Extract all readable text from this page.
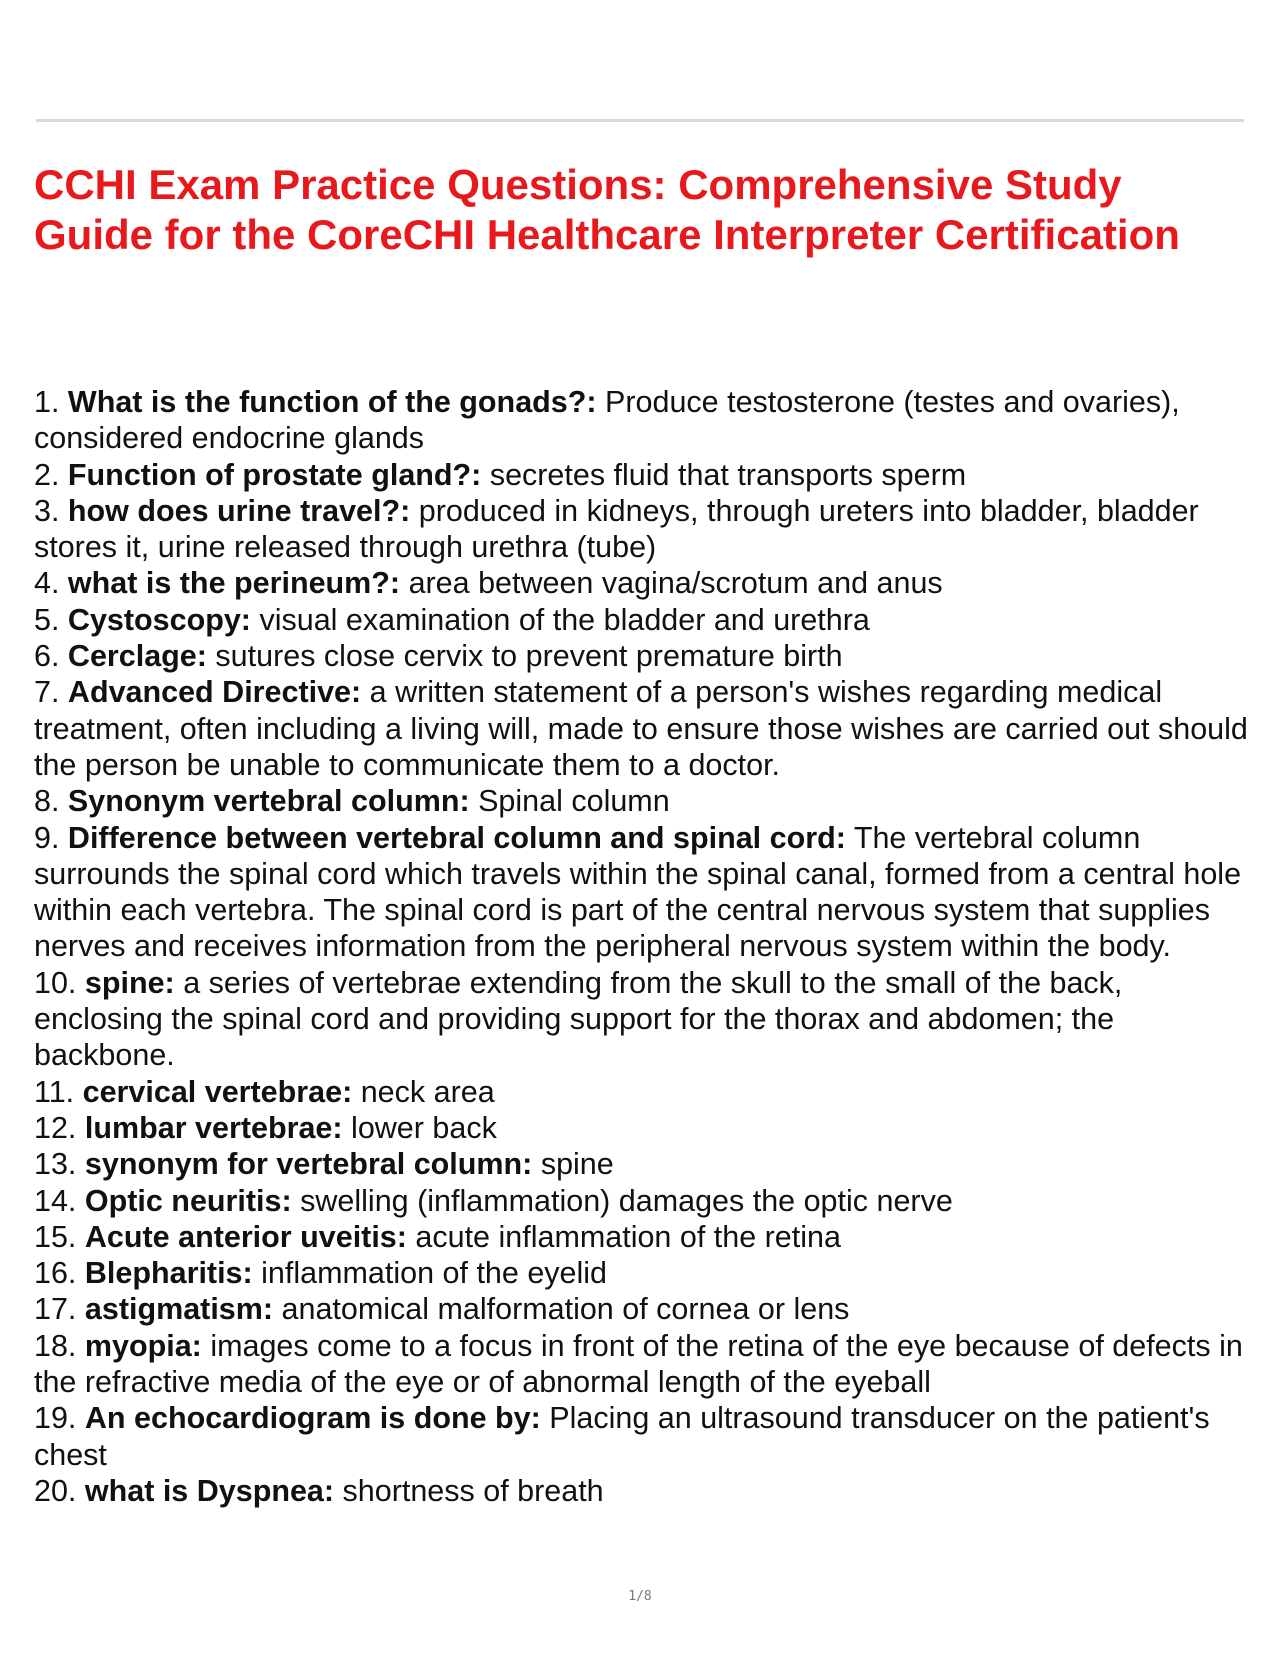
CCHI Exam Practice Questions: Comprehensive Study Guide for the CoreCHI Healthcare Interpreter Certification
1. What is the function of the gonads?: Produce testosterone (testes and ovaries), considered endocrine glands
2. Function of prostate gland?: secretes fluid that transports sperm
3. how does urine travel?: produced in kidneys, through ureters into bladder, bladder stores it, urine released through urethra (tube)
4. what is the perineum?: area between vagina/scrotum and anus
5. Cystoscopy: visual examination of the bladder and urethra
6. Cerclage: sutures close cervix to prevent premature birth
7. Advanced Directive: a written statement of a person's wishes regarding medical treatment, often including a living will, made to ensure those wishes are carried out should the person be unable to communicate them to a doctor.
8. Synonym vertebral column: Spinal column
9. Difference between vertebral column and spinal cord: The vertebral column surrounds the spinal cord which travels within the spinal canal, formed from a central hole within each vertebra. The spinal cord is part of the central nervous system that supplies nerves and receives information from the peripheral nervous system within the body.
10. spine: a series of vertebrae extending from the skull to the small of the back, enclosing the spinal cord and providing support for the thorax and abdomen; the backbone.
11. cervical vertebrae: neck area
12. lumbar vertebrae: lower back
13. synonym for vertebral column: spine
14. Optic neuritis: swelling (inflammation) damages the optic nerve
15. Acute anterior uveitis: acute inflammation of the retina
16. Blepharitis: inflammation of the eyelid
17. astigmatism: anatomical malformation of cornea or lens
18. myopia: images come to a focus in front of the retina of the eye because of defects in the refractive media of the eye or of abnormal length of the eyeball
19. An echocardiogram is done by: Placing an ultrasound transducer on the patient's chest
20. what is Dyspnea: shortness of breath
1/8
